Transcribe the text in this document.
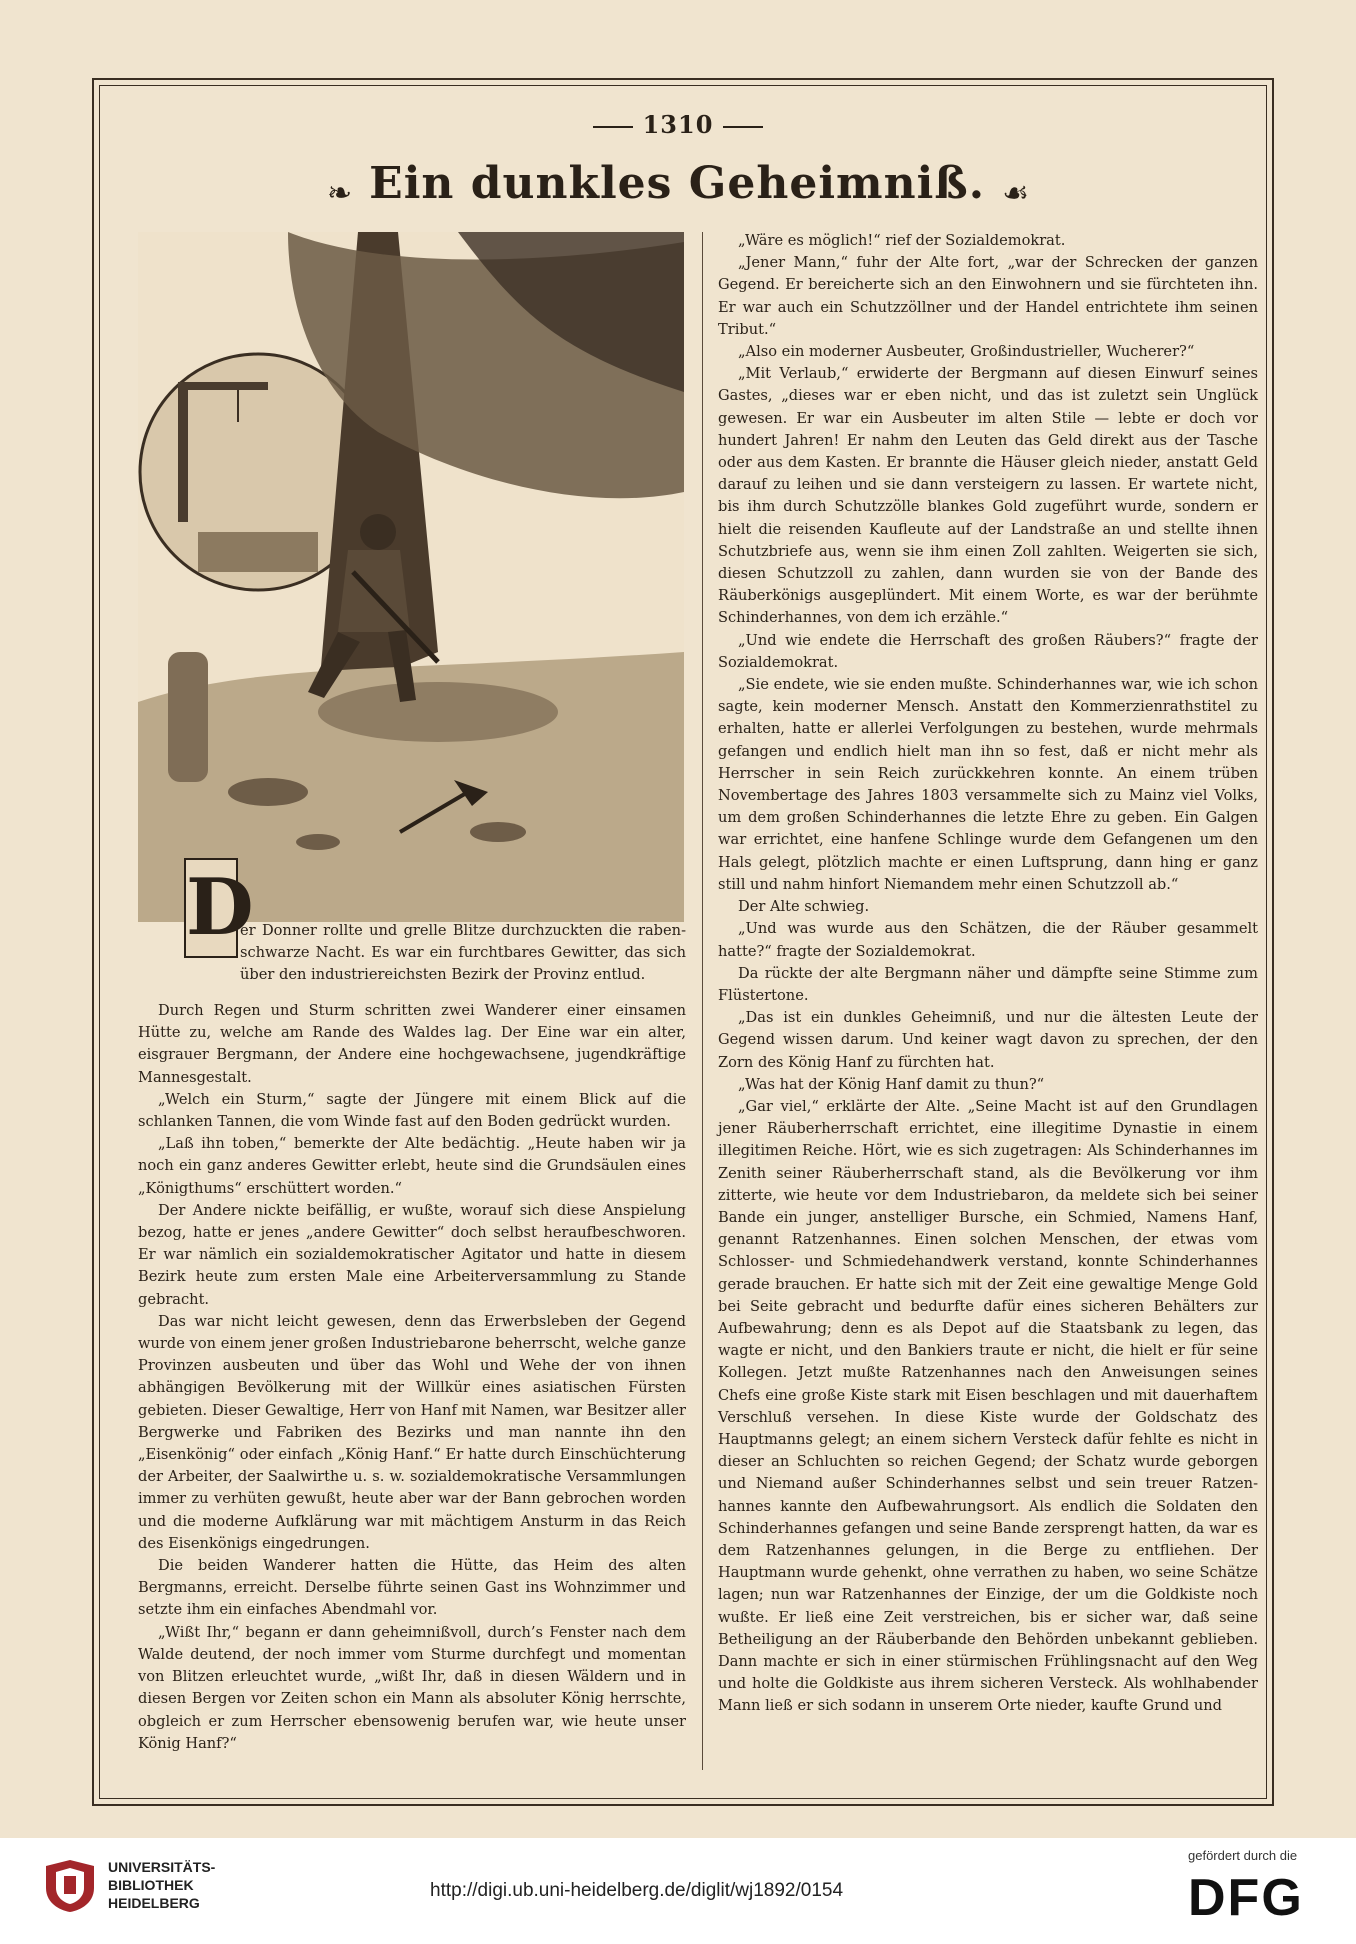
1310
❧ Ein dunkles Geheimniß. ☙
D
er Donner rollte und grelle Blitze durchzuckten die rabenschwarze Nacht. Es war ein furchtbares Gewitter, das sich über den industriereichsten Bezirk der Provinz entlud.

Durch Regen und Sturm schritten zwei Wanderer einer einsamen Hütte zu, welche am Rande des Waldes lag. Der Eine war ein alter, eisgrauer Bergmann, der Andere eine hochgewachsene, jugendkräftige Mannesgestalt.

„Welch ein Sturm,“ sagte der Jüngere mit einem Blick auf die schlanken Tannen, die vom Winde fast auf den Boden gedrückt wurden.

„Laß ihn toben,“ bemerkte der Alte bedächtig. „Heute haben wir ja noch ein ganz anderes Gewitter erlebt, heute sind die Grundsäulen eines „Königthums“ erschüttert worden.“

Der Andere nickte beifällig, er wußte, worauf sich diese Anspielung bezog, hatte er jenes „andere Gewitter“ doch selbst heraufbeschworen. Er war nämlich ein sozialdemokratischer Agitator und hatte in diesem Bezirk heute zum ersten Male eine Arbeiterversammlung zu Stande gebracht.

Das war nicht leicht gewesen, denn das Erwerbsleben der Gegend wurde von einem jener großen Industriebarone beherrscht, welche ganze Provinzen ausbeuten und über das Wohl und Wehe der von ihnen abhängigen Bevölkerung mit der Willkür eines asiatischen Fürsten gebieten. Dieser Gewaltige, Herr von Hanf mit Namen, war Besitzer aller Bergwerke und Fabriken des Bezirks und man nannte ihn den „Eisenkönig“ oder einfach „König Hanf.“ Er hatte durch Einschüchterung der Arbeiter, der Saalwirthe u. s. w. sozialdemokratische Versammlungen immer zu verhüten gewußt, heute aber war der Bann gebrochen worden und die moderne Aufklärung war mit mächtigem Ansturm in das Reich des Eisenkönigs eingedrungen.

Die beiden Wanderer hatten die Hütte, das Heim des alten Bergmanns, erreicht. Derselbe führte seinen Gast ins Wohnzimmer und setzte ihm ein einfaches Abendmahl vor.

„Wißt Ihr,“ begann er dann geheimnißvoll, durch’s Fenster nach dem Walde deutend, der noch immer vom Sturme durchfegt und momentan von Blitzen erleuchtet wurde, „wißt Ihr, daß in diesen Wäldern und in diesen Bergen vor Zeiten schon ein Mann als absoluter König herrschte, obgleich er zum Herrscher ebensowenig berufen war, wie heute unser König Hanf?“

„Wäre es möglich!“ rief der Sozialdemokrat.

„Jener Mann,“ fuhr der Alte fort, „war der Schrecken der ganzen Gegend. Er bereicherte sich an den Einwohnern und sie fürchteten ihn. Er war auch ein Schutzzöllner und der Handel entrichtete ihm seinen Tribut.“

„Also ein moderner Ausbeuter, Großindustrieller, Wucherer?“

„Mit Verlaub,“ erwiderte der Bergmann auf diesen Einwurf seines Gastes, „dieses war er eben nicht, und das ist zuletzt sein Unglück gewesen. Er war ein Ausbeuter im alten Stile — lebte er doch vor hundert Jahren! Er nahm den Leuten das Geld direkt aus der Tasche oder aus dem Kasten. Er brannte die Häuser gleich nieder, anstatt Geld darauf zu leihen und sie dann versteigern zu lassen. Er wartete nicht, bis ihm durch Schutzzölle blankes Gold zugeführt wurde, sondern er hielt die reisenden Kaufleute auf der Landstraße an und stellte ihnen Schutzbriefe aus, wenn sie ihm einen Zoll zahlten. Weigerten sie sich, diesen Schutzzoll zu zahlen, dann wurden sie von der Bande des Räuberkönigs ausgeplündert. Mit einem Worte, es war der berühmte Schinderhannes, von dem ich erzähle.“

„Und wie endete die Herrschaft des großen Räubers?“ fragte der Sozialdemokrat.

„Sie endete, wie sie enden mußte. Schinderhannes war, wie ich schon sagte, kein moderner Mensch. Anstatt den Kommerzienrathstitel zu erhalten, hatte er allerlei Verfolgungen zu bestehen, wurde mehrmals gefangen und endlich hielt man ihn so fest, daß er nicht mehr als Herrscher in sein Reich zurückkehren konnte. An einem trüben Novembertage des Jahres 1803 versammelte sich zu Mainz viel Volks, um dem großen Schinderhannes die letzte Ehre zu geben. Ein Galgen war errichtet, eine hanfene Schlinge wurde dem Gefangenen um den Hals gelegt, plötzlich machte er einen Luftsprung, dann hing er ganz still und nahm hinfort Niemandem mehr einen Schutzzoll ab.“

Der Alte schwieg.

„Und was wurde aus den Schätzen, die der Räuber gesammelt hatte?“ fragte der Sozialdemokrat.

Da rückte der alte Bergmann näher und dämpfte seine Stimme zum Flüstertone.

„Das ist ein dunkles Geheimniß, und nur die ältesten Leute der Gegend wissen darum. Und keiner wagt davon zu sprechen, der den Zorn des König Hanf zu fürchten hat.

„Was hat der König Hanf damit zu thun?“

„Gar viel,“ erklärte der Alte. „Seine Macht ist auf den Grundlagen jener Räuberherrschaft errichtet, eine illegitime Dynastie in einem illegitimen Reiche. Hört, wie es sich zugetragen: Als Schinderhannes im Zenith seiner Räuberherrschaft stand, als die Bevölkerung vor ihm zitterte, wie heute vor dem Industriebaron, da meldete sich bei seiner Bande ein junger, anstelliger Bursche, ein Schmied, Namens Hanf, genannt Ratzenhannes. Einen solchen Menschen, der etwas vom Schlosser- und Schmiedehandwerk verstand, konnte Schinderhannes gerade brauchen. Er hatte sich mit der Zeit eine gewaltige Menge Gold bei Seite gebracht und bedurfte dafür eines sicheren Behälters zur Aufbewahrung; denn es als Depot auf die Staatsbank zu legen, das wagte er nicht, und den Bankiers traute er nicht, die hielt er für seine Kollegen. Jetzt mußte Ratzenhannes nach den Anweisungen seines Chefs eine große Kiste stark mit Eisen beschlagen und mit dauerhaftem Verschluß versehen. In diese Kiste wurde der Goldschatz des Hauptmanns gelegt; an einem sichern Versteck dafür fehlte es nicht in dieser an Schluchten so reichen Gegend; der Schatz wurde geborgen und Niemand außer Schinderhannes selbst und sein treuer Ratzenhannes kannte den Aufbewahrungsort. Als endlich die Soldaten den Schinderhannes gefangen und seine Bande zersprengt hatten, da war es dem Ratzenhannes gelungen, in die Berge zu entfliehen. Der Hauptmann wurde gehenkt, ohne verrathen zu haben, wo seine Schätze lagen; nun war Ratzenhannes der Einzige, der um die Goldkiste noch wußte. Er ließ eine Zeit verstreichen, bis er sicher war, daß seine Betheiligung an der Räuberbande den Behörden unbekannt geblieben. Dann machte er sich in einer stürmischen Frühlingsnacht auf den Weg und holte die Goldkiste aus ihrem sicheren Versteck. Als wohlhabender Mann ließ er sich sodann in unserem Orte nieder, kaufte Grund und

UNIVERSITÄTS-
BIBLIOTHEK
HEIDELBERG
http://digi.ub.uni-heidelberg.de/diglit/wj1892/0154
gefördert durch die
DFG
